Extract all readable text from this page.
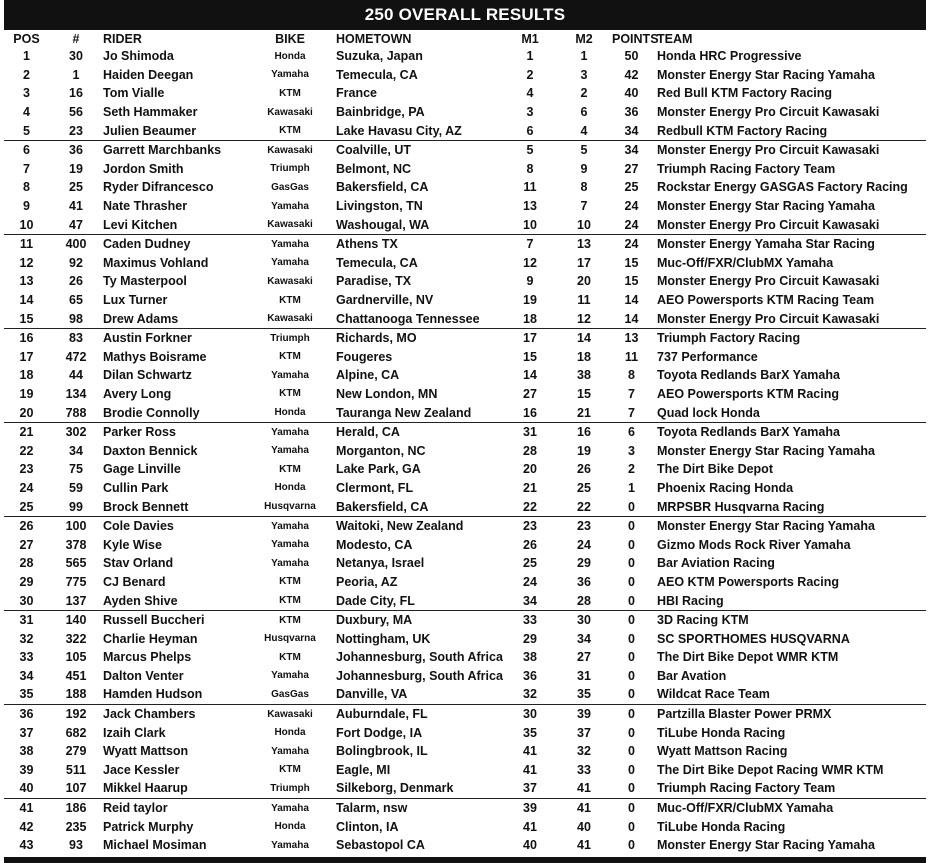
250 OVERALL RESULTS
POS	#	RIDER	BIKE	HOMETOWN	M1	M2	POINTS	TEAM
1	30	Jo Shimoda	Honda	Suzuka, Japan	1	1	50	Honda HRC Progressive
2	1	Haiden Deegan	Yamaha	Temecula, CA	2	3	42	Monster Energy Star Racing Yamaha
3	16	Tom Vialle	KTM	France	4	2	40	Red Bull KTM Factory Racing
4	56	Seth Hammaker	Kawasaki	Bainbridge, PA	3	6	36	Monster Energy Pro Circuit Kawasaki
5	23	Julien Beaumer	KTM	Lake Havasu City, AZ	6	4	34	Redbull KTM Factory Racing
6	36	Garrett Marchbanks	Kawasaki	Coalville, UT	5	5	34	Monster Energy Pro Circuit Kawasaki
7	19	Jordon Smith	Triumph	Belmont, NC	8	9	27	Triumph Racing Factory Team
8	25	Ryder Difrancesco	GasGas	Bakersfield, CA	11	8	25	Rockstar Energy GASGAS Factory Racing
9	41	Nate Thrasher	Yamaha	Livingston, TN	13	7	24	Monster Energy Star Racing Yamaha
10	47	Levi Kitchen	Kawasaki	Washougal, WA	10	10	24	Monster Energy Pro Circuit Kawasaki
11	400	Caden Dudney	Yamaha	Athens TX	7	13	24	Monster Energy Yamaha Star Racing
12	92	Maximus Vohland	Yamaha	Temecula, CA	12	17	15	Muc-Off/FXR/ClubMX Yamaha
13	26	Ty Masterpool	Kawasaki	Paradise, TX	9	20	15	Monster Energy Pro Circuit Kawasaki
14	65	Lux Turner	KTM	Gardnerville, NV	19	11	14	AEO Powersports KTM Racing Team
15	98	Drew Adams	Kawasaki	Chattanooga Tennessee	18	12	14	Monster Energy Pro Circuit Kawasaki
16	83	Austin Forkner	Triumph	Richards, MO	17	14	13	Triumph Factory Racing
17	472	Mathys Boisrame	KTM	Fougeres	15	18	11	737 Performance
18	44	Dilan Schwartz	Yamaha	Alpine, CA	14	38	8	Toyota Redlands BarX Yamaha
19	134	Avery Long	KTM	New London, MN	27	15	7	AEO Powersports KTM Racing
20	788	Brodie Connolly	Honda	Tauranga New Zealand	16	21	7	Quad lock Honda
21	302	Parker Ross	Yamaha	Herald, CA	31	16	6	Toyota Redlands BarX Yamaha
22	34	Daxton Bennick	Yamaha	Morganton, NC	28	19	3	Monster Energy Star Racing Yamaha
23	75	Gage Linville	KTM	Lake Park, GA	20	26	2	The Dirt Bike Depot
24	59	Cullin Park	Honda	Clermont, FL	21	25	1	Phoenix Racing Honda
25	99	Brock Bennett	Husqvarna	Bakersfield, CA	22	22	0	MRPSBR Husqvarna Racing
26	100	Cole Davies	Yamaha	Waitoki, New Zealand	23	23	0	Monster Energy Star Racing Yamaha
27	378	Kyle Wise	Yamaha	Modesto, CA	26	24	0	Gizmo Mods Rock River Yamaha
28	565	Stav Orland	Yamaha	Netanya, Israel	25	29	0	Bar Aviation Racing
29	775	CJ Benard	KTM	Peoria, AZ	24	36	0	AEO KTM Powersports Racing
30	137	Ayden Shive	KTM	Dade City, FL	34	28	0	HBI Racing
31	140	Russell Buccheri	KTM	Duxbury, MA	33	30	0	3D Racing KTM
32	322	Charlie Heyman	Husqvarna	Nottingham, UK	29	34	0	SC SPORTHOMES HUSQVARNA
33	105	Marcus Phelps	KTM	Johannesburg, South Africa	38	27	0	The Dirt Bike Depot WMR KTM
34	451	Dalton Venter	Yamaha	Johannesburg, South Africa	36	31	0	Bar Avation
35	188	Hamden Hudson	GasGas	Danville, VA	32	35	0	Wildcat Race Team
36	192	Jack Chambers	Kawasaki	Auburndale, FL	30	39	0	Partzilla Blaster Power PRMX
37	682	Izaih Clark	Honda	Fort Dodge, IA	35	37	0	TiLube Honda Racing
38	279	Wyatt Mattson	Yamaha	Bolingbrook, IL	41	32	0	Wyatt Mattson Racing
39	511	Jace Kessler	KTM	Eagle, MI	41	33	0	The Dirt Bike Depot Racing WMR KTM
40	107	Mikkel Haarup	Triumph	Silkeborg, Denmark	37	41	0	Triumph Racing Factory Team
41	186	Reid taylor	Yamaha	Talarm, nsw	39	41	0	Muc-Off/FXR/ClubMX Yamaha
42	235	Patrick Murphy	Honda	Clinton, IA	41	40	0	TiLube Honda Racing
43	93	Michael Mosiman	Yamaha	Sebastopol CA	40	41	0	Monster Energy Star Racing Yamaha
